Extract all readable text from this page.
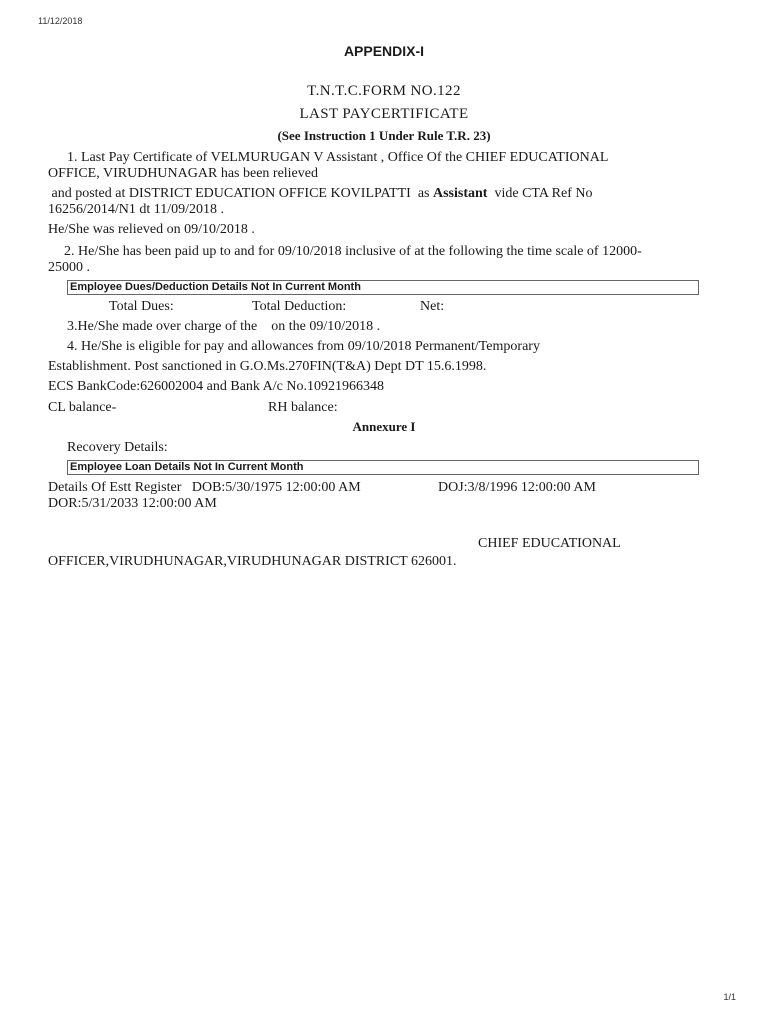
11/12/2018
APPENDIX-I
T.N.T.C.FORM NO.122
LAST PAYCERTIFICATE
(See Instruction 1 Under Rule T.R. 23)
1. Last Pay Certificate of VELMURUGAN V Assistant , Office Of the CHIEF EDUCATIONAL
OFFICE, VIRUDHUNAGAR has been relieved
and posted at DISTRICT EDUCATION OFFICE KOVILPATTI  as Assistant  vide CTA Ref No
16256/2014/N1 dt 11/09/2018 .
He/She was relieved on 09/10/2018 .
2. He/She has been paid up to and for 09/10/2018 inclusive of at the following the time scale of 12000-
25000 .
Employee Dues/Deduction Details Not In Current Month
Total Dues:	Total Deduction:	Net:
3.He/She made over charge of the    on the 09/10/2018 .
4. He/She is eligible for pay and allowances from 09/10/2018 Permanent/Temporary
Establishment. Post sanctioned in G.O.Ms.270FIN(T&A) Dept DT 15.6.1998.
ECS BankCode:626002004 and Bank A/c No.10921966348
CL balance-	RH balance:
Annexure I
Recovery Details:
Employee Loan Details Not In Current Month
Details Of Estt Register   DOB:5/30/1975 12:00:00 AM	DOJ:3/8/1996 12:00:00 AM
DOR:5/31/2033 12:00:00 AM
CHIEF EDUCATIONAL
OFFICER,VIRUDHUNAGAR,VIRUDHUNAGAR DISTRICT 626001.
1/1
